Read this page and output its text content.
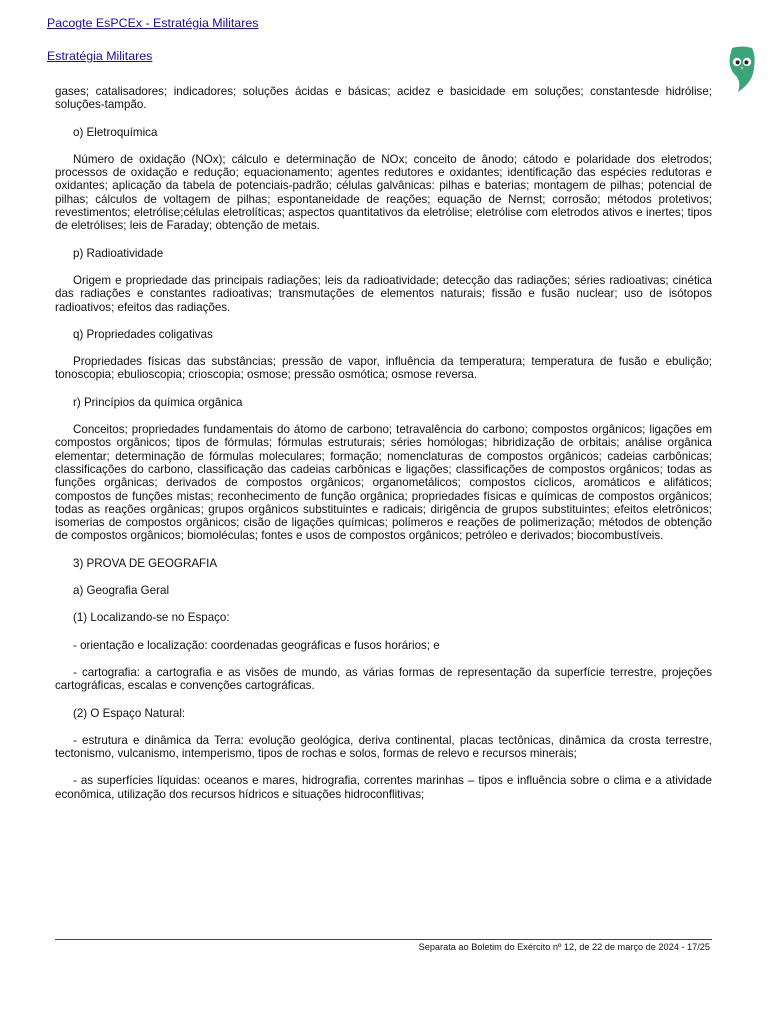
Pacogte EsPCEx - Estratégia Militares
Estratégia Militares

gases; catalisadores; indicadores; soluções ácidas e básicas; acidez e basicidade em soluções; constantesde hidrólise; soluções-tampão.

o) Eletroquímica

Número de oxidação (NOx); cálculo e determinação de NOx; conceito de ânodo; cátodo e polaridade dos eletrodos; processos de oxidação e redução; equacionamento; agentes redutores e oxidantes; identificação das espécies redutoras e oxidantes; aplicação da tabela de potenciais-padrão; células galvânicas: pilhas e baterias; montagem de pilhas; potencial de pilhas; cálculos de voltagem de pilhas; espontaneidade de reações; equação de Nernst; corrosão; métodos protetivos; revestimentos; eletrólise;células eletrolíticas; aspectos quantitativos da eletrólise; eletrólise com eletrodos ativos e inertes; tipos de eletrólises; leis de Faraday; obtenção de metais.

p) Radioatividade

Origem e propriedade das principais radiações; leis da radioatividade; detecção das radiações; séries radioativas; cinética das radiações e constantes radioativas; transmutações de elementos naturais; fissão e fusão nuclear; uso de isótopos radioativos; efeitos das radiações.

q) Propriedades coligativas

Propriedades físicas das substâncias; pressão de vapor, influência da temperatura; temperatura de fusão e ebulição; tonoscopia; ebulioscopia; crioscopia; osmose; pressão osmótica; osmose reversa.

r) Princípios da química orgânica

Conceitos; propriedades fundamentais do átomo de carbono; tetravalência do carbono; compostos orgânicos; ligações em compostos orgânicos; tipos de fórmulas; fórmulas estruturais; séries homólogas; hibridização de orbitais; análise orgânica elementar; determinação de fórmulas moleculares; formação; nomenclaturas de compostos orgânicos; cadeias carbônicas; classificações do carbono, classificação das cadeias carbônicas e ligações; classificações de compostos orgânicos; todas as funções orgânicas; derivados de compostos orgânicos; organometálicos; compostos cíclicos, aromáticos e alifáticos; compostos de funções mistas; reconhecimento de função orgânica; propriedades físicas e químicas de compostos orgânicos; todas as reações orgânicas; grupos orgânicos substituintes e radicais; dirigência de grupos substituintes; efeitos eletrônicos; isomerias de compostos orgânicos; cisão de ligações químicas; polímeros e reações de polimerização; métodos de obtenção de compostos orgânicos; biomoléculas; fontes e usos de compostos orgânicos; petróleo e derivados; biocombustíveis.

3) PROVA DE GEOGRAFIA

a) Geografia Geral

(1) Localizando-se no Espaço:

- orientação e localização: coordenadas geográficas e fusos horários; e

- cartografia: a cartografia e as visões de mundo, as várias formas de representação da superfície terrestre, projeções cartográficas, escalas e convenções cartográficas.

(2) O Espaço Natural:

- estrutura e dinâmica da Terra: evolução geológica, deriva continental, placas tectônicas, dinâmica da crosta terrestre, tectonismo, vulcanismo, intemperismo, tipos de rochas e solos, formas de relevo e recursos minerais;

- as superfícies líquidas: oceanos e mares, hidrografia, correntes marinhas – tipos e influência sobre o clima e a atividade econômica, utilização dos recursos hídricos e situações hidroconflitivas;

Separata ao Boletim do Exército nº 12, de 22 de março de 2024 - 17/25
